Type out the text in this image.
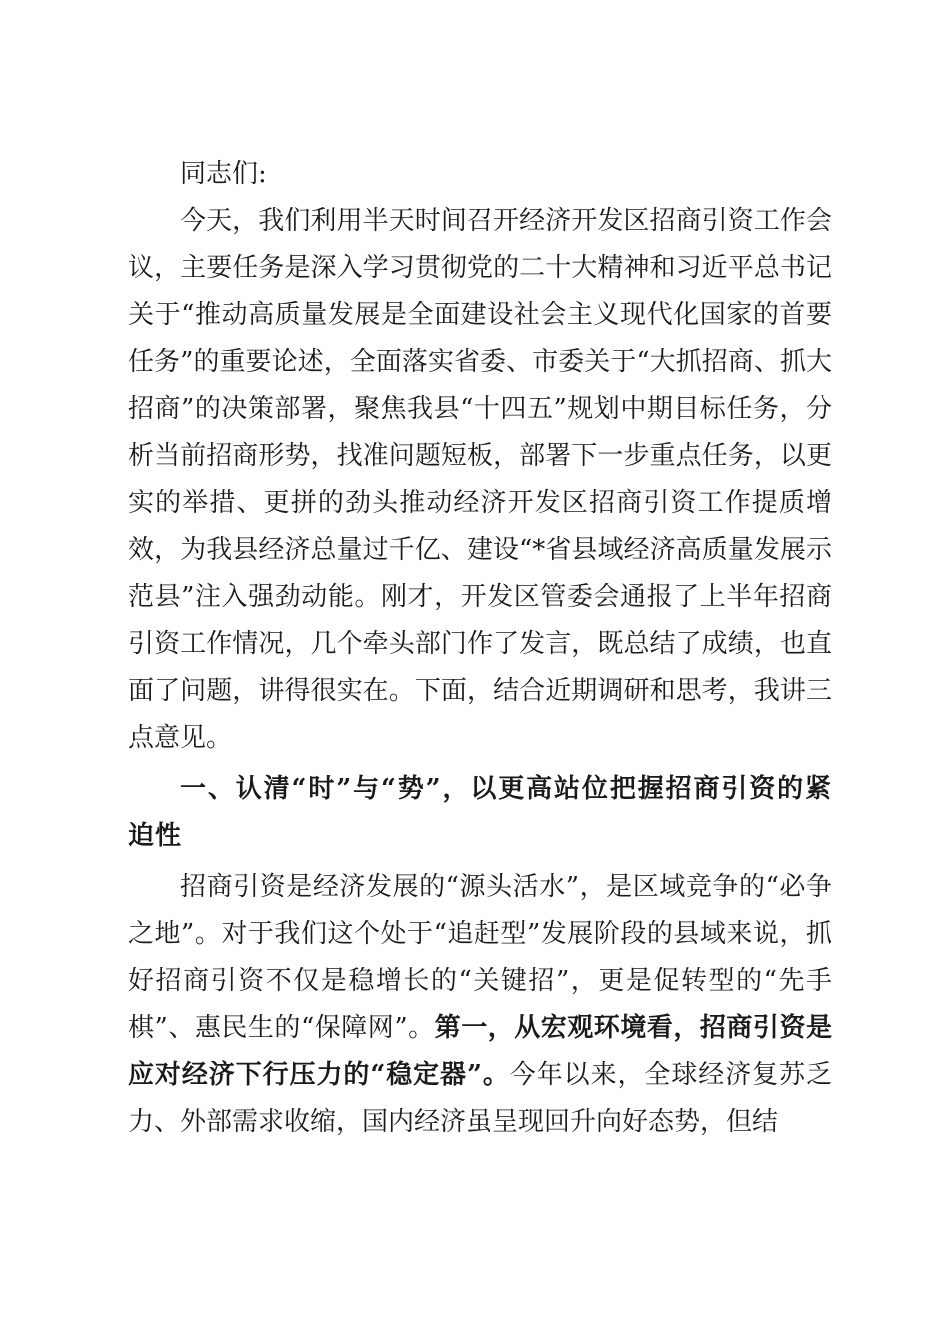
同志们:

今天，我们利用半天时间召开经济开发区招商引资工作会议，主要任务是深入学习贯彻党的二十大精神和习近平总书记关于“推动高质量发展是全面建设社会主义现代化国家的首要任务”的重要论述，全面落实省委、市委关于“大抓招商、抓大招商”的决策部署，聚焦我县“十四五”规划中期目标任务，分析当前招商形势，找准问题短板，部署下一步重点任务，以更实的举措、更拼的劲头推动经济开发区招商引资工作提质增效，为我县经济总量过千亿、建设“*省县域经济高质量发展示范县”注入强劲动能。刚才，开发区管委会通报了上半年招商引资工作情况，几个牵头部门作了发言，既总结了成绩，也直面了问题，讲得很实在。下面，结合近期调研和思考，我讲三点意见。

一、认清“时”与“势”，以更高站位把握招商引资的紧迫性

招商引资是经济发展的“源头活水”，是区域竞争的“必争之地”。对于我们这个处于“追赶型”发展阶段的县域来说，抓好招商引资不仅是稳增长的“关键招”，更是促转型的“先手棋”、惠民生的“保障网”。第一，从宏观环境看，招商引资是应对经济下行压力的“稳定器”。今年以来，全球经济复苏乏力、外部需求收缩，国内经济虽呈现回升向好态势，但结
